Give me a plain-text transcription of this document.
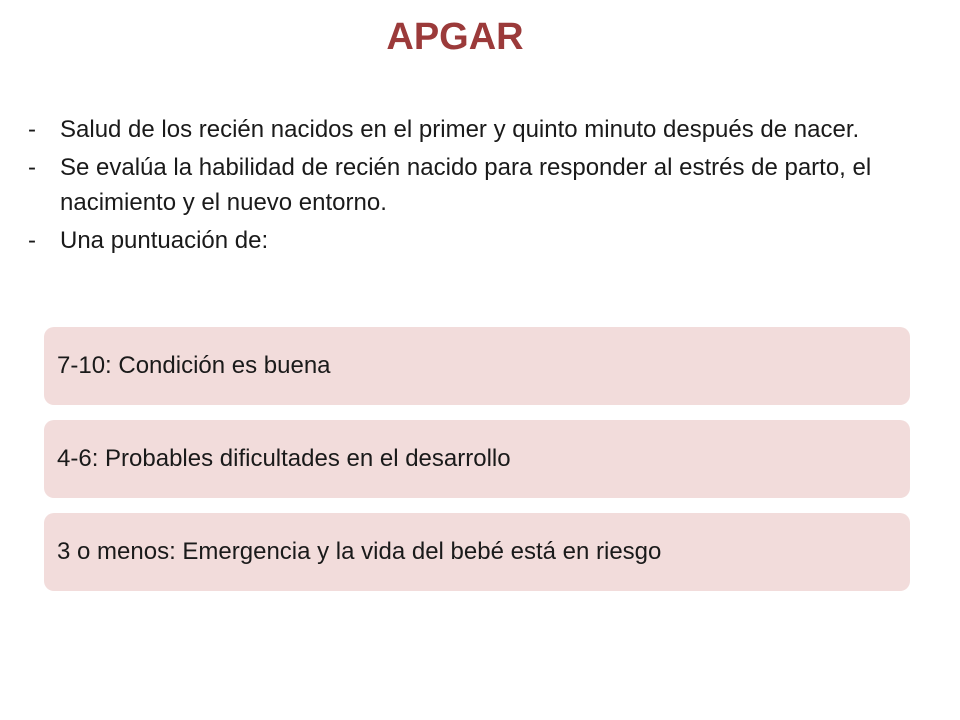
APGAR
- Salud de los recién nacidos en el primer y quinto minuto después de nacer.
- Se evalúa la habilidad de recién nacido para responder al estrés de parto, el nacimiento y el nuevo entorno.
- Una puntuación de:
7-10: Condición es buena
4-6: Probables dificultades en el desarrollo
3 o menos: Emergencia y la vida del bebé está en riesgo
